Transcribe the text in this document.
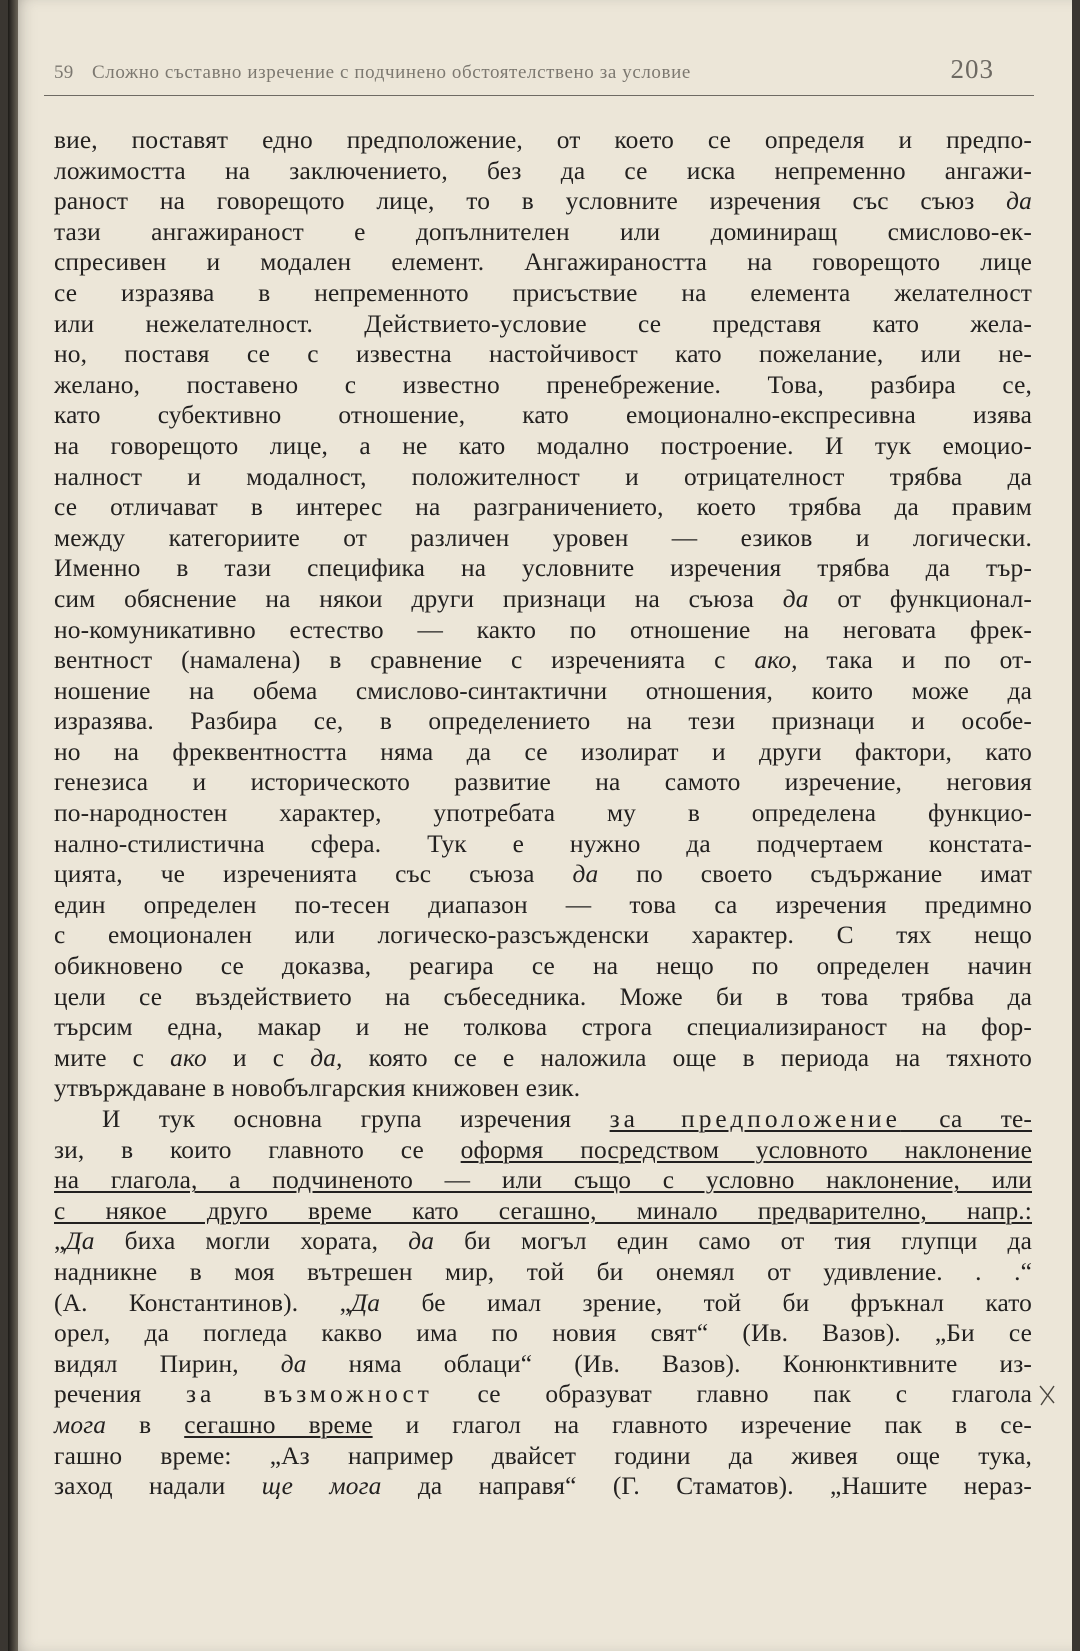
59 Сложно съставно изречение с подчинено обстоятелствено за условие	203
вие, поставят едно предположение, от което се определя и предпо-
ложимостта на заключението, без да се иска непременно ангажи-
раност на говорещото лице, то в условните изречения със съюз да
тази ангажираност е допълнителен или доминиращ смислово-ек-
спресивен и модален елемент. Ангажираността на говорещото лице
се изразява в непременното присъствие на елемента желателност
или нежелателност. Действието-условие се представя като жела-
но, поставя се с известна настойчивост като пожелание, или не-
желано, поставено с известно пренебрежение. Това, разбира се,
като субективно отношение, като емоционално-експресивна изява
на говорещото лице, а не като модално построение. И тук емоцио-
налност и модалност, положителност и отрицателност трябва да
се отличават в интерес на разграничението, което трябва да правим
между категориите от различен уровен — езиков и логически.
Именно в тази специфика на условните изречения трябва да тър-
сим обяснение на някои други признаци на съюза да от функционал-
но-комуникативно естество — както по отношение на неговата фрек-
вентност (намалена) в сравнение с изреченията с ако, така и по от-
ношение на обема смислово-синтактични отношения, които може да
изразява. Разбира се, в определението на тези признаци и особе-
но на фреквентността няма да се изолират и други фактори, като
генезиса и историческото развитие на самото изречение, неговия
по-народностен характер, употребата му в определена функцио-
нално-стилистична сфера. Тук е нужно да подчертаем констата-
цията, че изреченията със съюза да по своето съдържание имат
един определен по-тесен диапазон — това са изречения предимно
с емоционален или логическо-разсъжденски характер. С тях нещо
обикновено се доказва, реагира се на нещо по определен начин
цели се въздействието на събеседника. Може би в това трябва да
търсим една, макар и не толкова строга специализираност на фор-
мите с ако и с да, която се е наложила още в периода на тяхното
утвърждаване в новобългарския книжовен език.
И тук основна група изречения за предположение са те-
зи, в които главното се оформя посредством условното наклонение
на глагола, а подчиненото — или също с условно наклонение, или
с някое друго време като сегашно, минало предварително, напр.:
„Да биха могли хората, да би могъл един само от тия глупци да
надникне в моя вътрешен мир, той би онемял от удивление. . .“
(А. Константинов). „Да бе имал зрение, той би фръкнал като
орел, да погледа какво има по новия свят“ (Ив. Вазов). „Би се
видял Пирин, да няма облаци“ (Ив. Вазов). Конюнктивните из-
речения за възможност се образуват главно пак с глагола
мога в сегашно време и глагол на главното изречение пак в се-
гашно време: „Аз например двайсет години да живея още тука,
заход надали ще мога да направя“ (Г. Стаматов). „Нашите нераз-
